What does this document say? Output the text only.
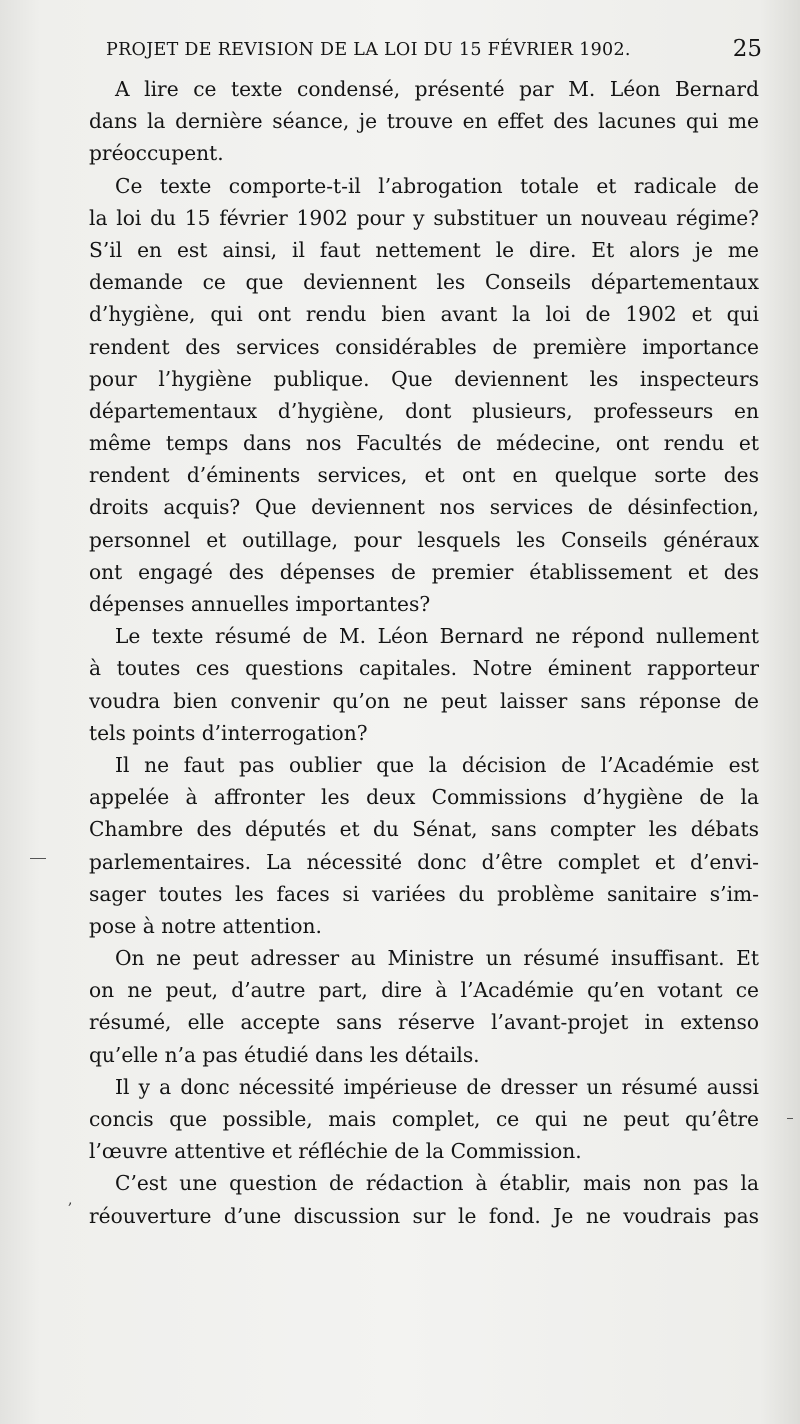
,
PROJET DE REVISION DE LA LOI DU 15 FÉVRIER 1902.	25
A lire ce texte condensé, présenté par M. Léon Bernard
dans la dernière séance, je trouve en effet des lacunes qui me
préoccupent.
Ce texte comporte-t-il l’abrogation totale et radicale de
la loi du 15 février 1902 pour y substituer un nouveau régime?
S’il en est ainsi, il faut nettement le dire. Et alors je me
demande ce que deviennent les Conseils départementaux
d’hygiène, qui ont rendu bien avant la loi de 1902 et qui
rendent des services considérables de première importance
pour l’hygiène publique. Que deviennent les inspecteurs
départementaux d’hygiène, dont plusieurs, professeurs en
même temps dans nos Facultés de médecine, ont rendu et
rendent d’éminents services, et ont en quelque sorte des
droits acquis? Que deviennent nos services de désinfection,
personnel et outillage, pour lesquels les Conseils généraux
ont engagé des dépenses de premier établissement et des
dépenses annuelles importantes?
Le texte résumé de M. Léon Bernard ne répond nullement
à toutes ces questions capitales. Notre éminent rapporteur
voudra bien convenir qu’on ne peut laisser sans réponse de
tels points d’interrogation?
Il ne faut pas oublier que la décision de l’Académie est
appelée à affronter les deux Commissions d’hygiène de la
Chambre des députés et du Sénat, sans compter les débats
parlementaires. La nécessité donc d’être complet et d’envi-
sager toutes les faces si variées du problème sanitaire s’im-
pose à notre attention.
On ne peut adresser au Ministre un résumé insuffisant. Et
on ne peut, d’autre part, dire à l’Académie qu’en votant ce
résumé, elle accepte sans réserve l’avant-projet in extenso
qu’elle n’a pas étudié dans les détails.
Il y a donc nécessité impérieuse de dresser un résumé aussi
concis que possible, mais complet, ce qui ne peut qu’être
l’œuvre attentive et réfléchie de la Commission.
C’est une question de rédaction à établir, mais non pas la
réouverture d’une discussion sur le fond. Je ne voudrais pas
